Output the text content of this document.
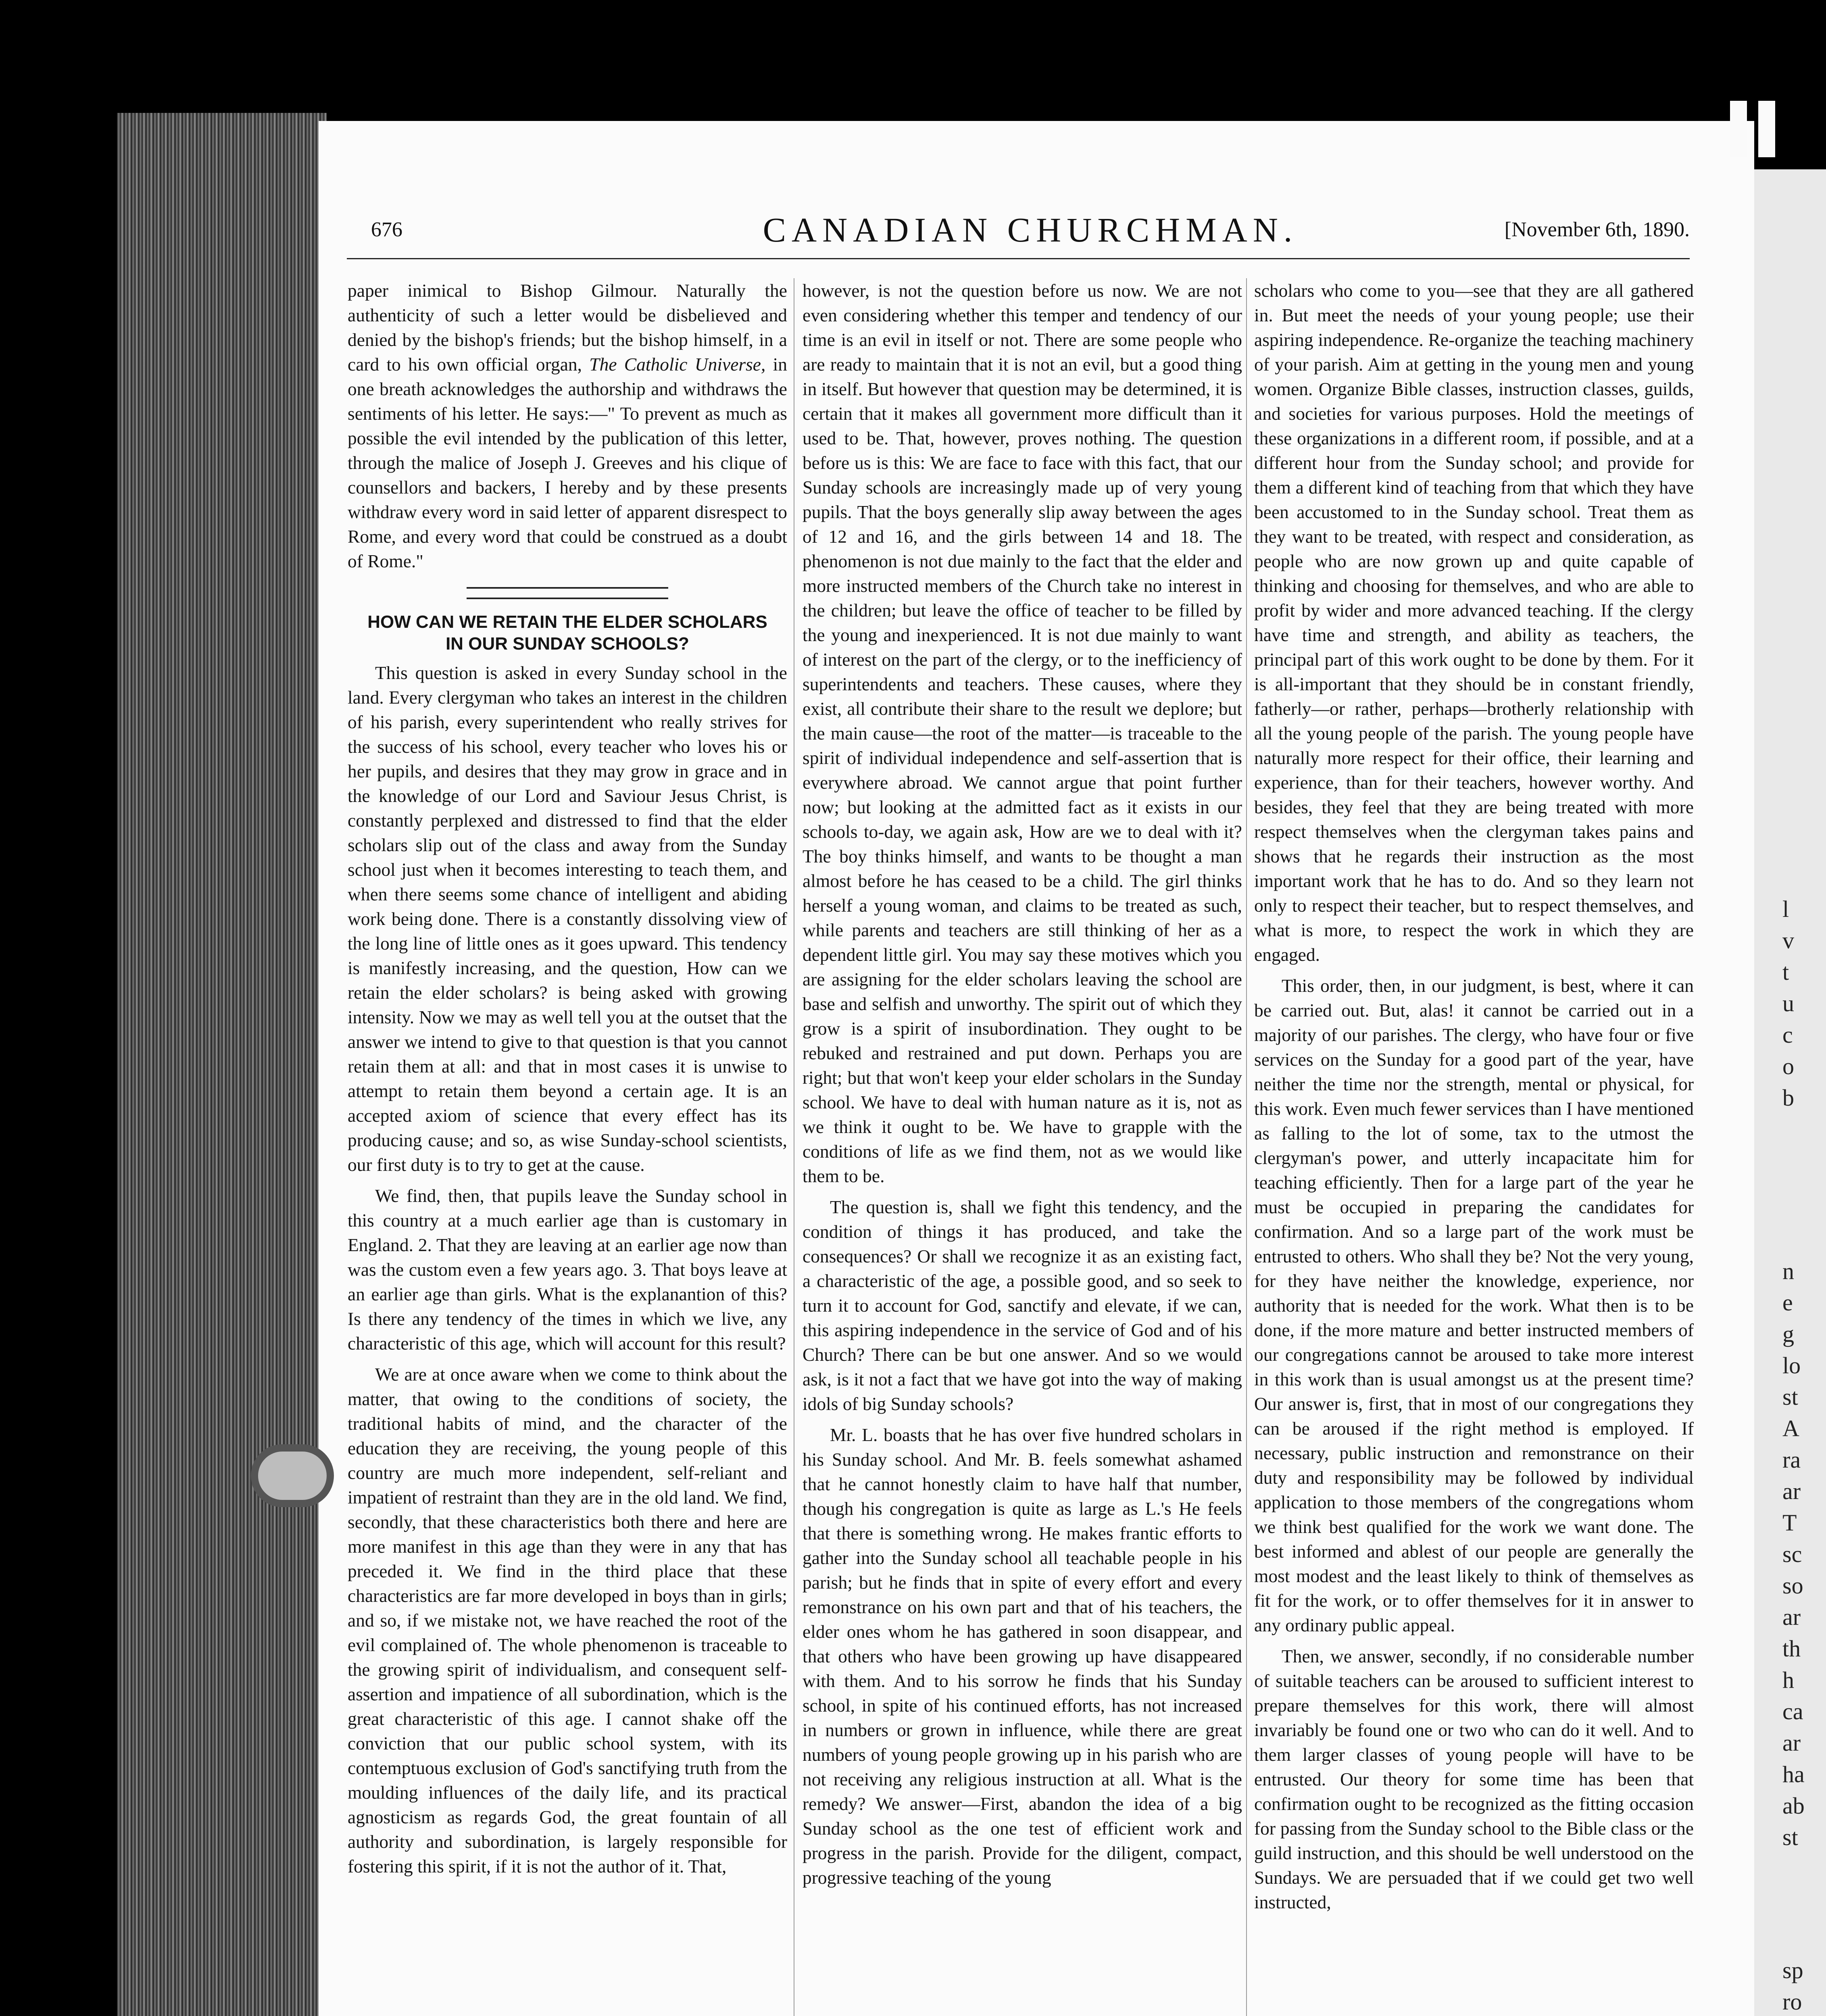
l
v
t
u
c
o
b
n
e
g
lo
st
A
ra
ar
T
sc
so
ar
th
h
ca
ar
ha
ab
st
sp
ro
676	CANADIAN CHURCHMAN.	[November 6th, 1890.

paper inimical to Bishop Gilmour. Naturally the authenticity of such a letter would be disbelieved and denied by the bishop's friends; but the bishop himself, in a card to his own official organ, The Catholic Universe, in one breath acknowledges the authorship and withdraws the sentiments of his letter. He says:—" To prevent as much as possible the evil intended by the publication of this letter, through the malice of Joseph J. Greeves and his clique of counsellors and backers, I hereby and by these presents withdraw every word in said letter of apparent disrespect to Rome, and every word that could be construed as a doubt of Rome."

HOW CAN WE RETAIN THE ELDER SCHOLARS
IN OUR SUNDAY SCHOOLS?

This question is asked in every Sunday school in the land. Every clergyman who takes an interest in the children of his parish, every superintendent who really strives for the success of his school, every teacher who loves his or her pupils, and desires that they may grow in grace and in the knowledge of our Lord and Saviour Jesus Christ, is constantly perplexed and distressed to find that the elder scholars slip out of the class and away from the Sunday school just when it becomes interesting to teach them, and when there seems some chance of intelligent and abiding work being done. There is a constantly dissolving view of the long line of little ones as it goes upward. This tendency is manifestly increasing, and the question, How can we retain the elder scholars? is being asked with growing intensity. Now we may as well tell you at the outset that the answer we intend to give to that question is that you cannot retain them at all: and that in most cases it is unwise to attempt to retain them beyond a certain age. It is an accepted axiom of science that every effect has its producing cause; and so, as wise Sunday-school scientists, our first duty is to try to get at the cause.

We find, then, that pupils leave the Sunday school in this country at a much earlier age than is customary in England. 2. That they are leaving at an earlier age now than was the custom even a few years ago. 3. That boys leave at an earlier age than girls. What is the explanantion of this? Is there any tendency of the times in which we live, any characteristic of this age, which will account for this result?

We are at once aware when we come to think about the matter, that owing to the conditions of society, the traditional habits of mind, and the character of the education they are receiving, the young people of this country are much more independent, self-reliant and impatient of restraint than they are in the old land. We find, secondly, that these characteristics both there and here are more manifest in this age than they were in any that has preceded it. We find in the third place that these characteristics are far more developed in boys than in girls; and so, if we mistake not, we have reached the root of the evil complained of. The whole phenomenon is traceable to the growing spirit of individualism, and consequent self-assertion and impatience of all subordination, which is the great characteristic of this age. I cannot shake off the conviction that our public school system, with its contemptuous exclusion of God's sanctifying truth from the moulding influences of the daily life, and its practical agnosticism as regards God, the great fountain of all authority and subordination, is largely responsible for fostering this spirit, if it is not the author of it. That,

however, is not the question before us now. We are not even considering whether this temper and tendency of our time is an evil in itself or not. There are some people who are ready to maintain that it is not an evil, but a good thing in itself. But however that question may be determined, it is certain that it makes all government more difficult than it used to be. That, however, proves nothing. The question before us is this: We are face to face with this fact, that our Sunday schools are increasingly made up of very young pupils. That the boys generally slip away between the ages of 12 and 16, and the girls between 14 and 18. The phenomenon is not due mainly to the fact that the elder and more instructed members of the Church take no interest in the children; but leave the office of teacher to be filled by the young and inexperienced. It is not due mainly to want of interest on the part of the clergy, or to the inefficiency of superintendents and teachers. These causes, where they exist, all contribute their share to the result we deplore; but the main cause—the root of the matter—is traceable to the spirit of individual independence and self-assertion that is everywhere abroad. We cannot argue that point further now; but looking at the admitted fact as it exists in our schools to-day, we again ask, How are we to deal with it? The boy thinks himself, and wants to be thought a man almost before he has ceased to be a child. The girl thinks herself a young woman, and claims to be treated as such, while parents and teachers are still thinking of her as a dependent little girl. You may say these motives which you are assigning for the elder scholars leaving the school are base and selfish and unworthy. The spirit out of which they grow is a spirit of insubordination. They ought to be rebuked and restrained and put down. Perhaps you are right; but that won't keep your elder scholars in the Sunday school. We have to deal with human nature as it is, not as we think it ought to be. We have to grapple with the conditions of life as we find them, not as we would like them to be.

The question is, shall we fight this tendency, and the condition of things it has produced, and take the consequences? Or shall we recognize it as an existing fact, a characteristic of the age, a possible good, and so seek to turn it to account for God, sanctify and elevate, if we can, this aspiring independence in the service of God and of his Church? There can be but one answer. And so we would ask, is it not a fact that we have got into the way of making idols of big Sunday schools?

Mr. L. boasts that he has over five hundred scholars in his Sunday school. And Mr. B. feels somewhat ashamed that he cannot honestly claim to have half that number, though his congregation is quite as large as L.'s He feels that there is something wrong. He makes frantic efforts to gather into the Sunday school all teachable people in his parish; but he finds that in spite of every effort and every remonstrance on his own part and that of his teachers, the elder ones whom he has gathered in soon disappear, and that others who have been growing up have disappeared with them. And to his sorrow he finds that his Sunday school, in spite of his continued efforts, has not increased in numbers or grown in influence, while there are great numbers of young people growing up in his parish who are not receiving any religious instruction at all. What is the remedy? We answer—First, abandon the idea of a big Sunday school as the one test of efficient work and progress in the parish. Provide for the diligent, compact, progressive teaching of the young

scholars who come to you—see that they are all gathered in. But meet the needs of your young people; use their aspiring independence. Re-organize the teaching machinery of your parish. Aim at getting in the young men and young women. Organize Bible classes, instruction classes, guilds, and societies for various purposes. Hold the meetings of these organizations in a different room, if possible, and at a different hour from the Sunday school; and provide for them a different kind of teaching from that which they have been accustomed to in the Sunday school. Treat them as they want to be treated, with respect and consideration, as people who are now grown up and quite capable of thinking and choosing for themselves, and who are able to profit by wider and more advanced teaching. If the clergy have time and strength, and ability as teachers, the principal part of this work ought to be done by them. For it is all-important that they should be in constant friendly, fatherly—or rather, perhaps—brotherly relationship with all the young people of the parish. The young people have naturally more respect for their office, their learning and experience, than for their teachers, however worthy. And besides, they feel that they are being treated with more respect themselves when the clergyman takes pains and shows that he regards their instruction as the most important work that he has to do. And so they learn not only to respect their teacher, but to respect themselves, and what is more, to respect the work in which they are engaged.

This order, then, in our judgment, is best, where it can be carried out. But, alas! it cannot be carried out in a majority of our parishes. The clergy, who have four or five services on the Sunday for a good part of the year, have neither the time nor the strength, mental or physical, for this work. Even much fewer services than I have mentioned as falling to the lot of some, tax to the utmost the clergyman's power, and utterly incapacitate him for teaching efficiently. Then for a large part of the year he must be occupied in preparing the candidates for confirmation. And so a large part of the work must be entrusted to others. Who shall they be? Not the very young, for they have neither the knowledge, experience, nor authority that is needed for the work. What then is to be done, if the more mature and better instructed members of our congregations cannot be aroused to take more interest in this work than is usual amongst us at the present time? Our answer is, first, that in most of our congregations they can be aroused if the right method is employed. If necessary, public instruction and remonstrance on their duty and responsibility may be followed by individual application to those members of the congregations whom we think best qualified for the work we want done. The best informed and ablest of our people are generally the most modest and the least likely to think of themselves as fit for the work, or to offer themselves for it in answer to any ordinary public appeal.

Then, we answer, secondly, if no considerable number of suitable teachers can be aroused to sufficient interest to prepare themselves for this work, there will almost invariably be found one or two who can do it well. And to them larger classes of young people will have to be entrusted. Our theory for some time has been that confirmation ought to be recognized as the fitting occasion for passing from the Sunday school to the Bible class or the guild instruction, and this should be well understood on the Sundays. We are persuaded that if we could get two well instructed,
